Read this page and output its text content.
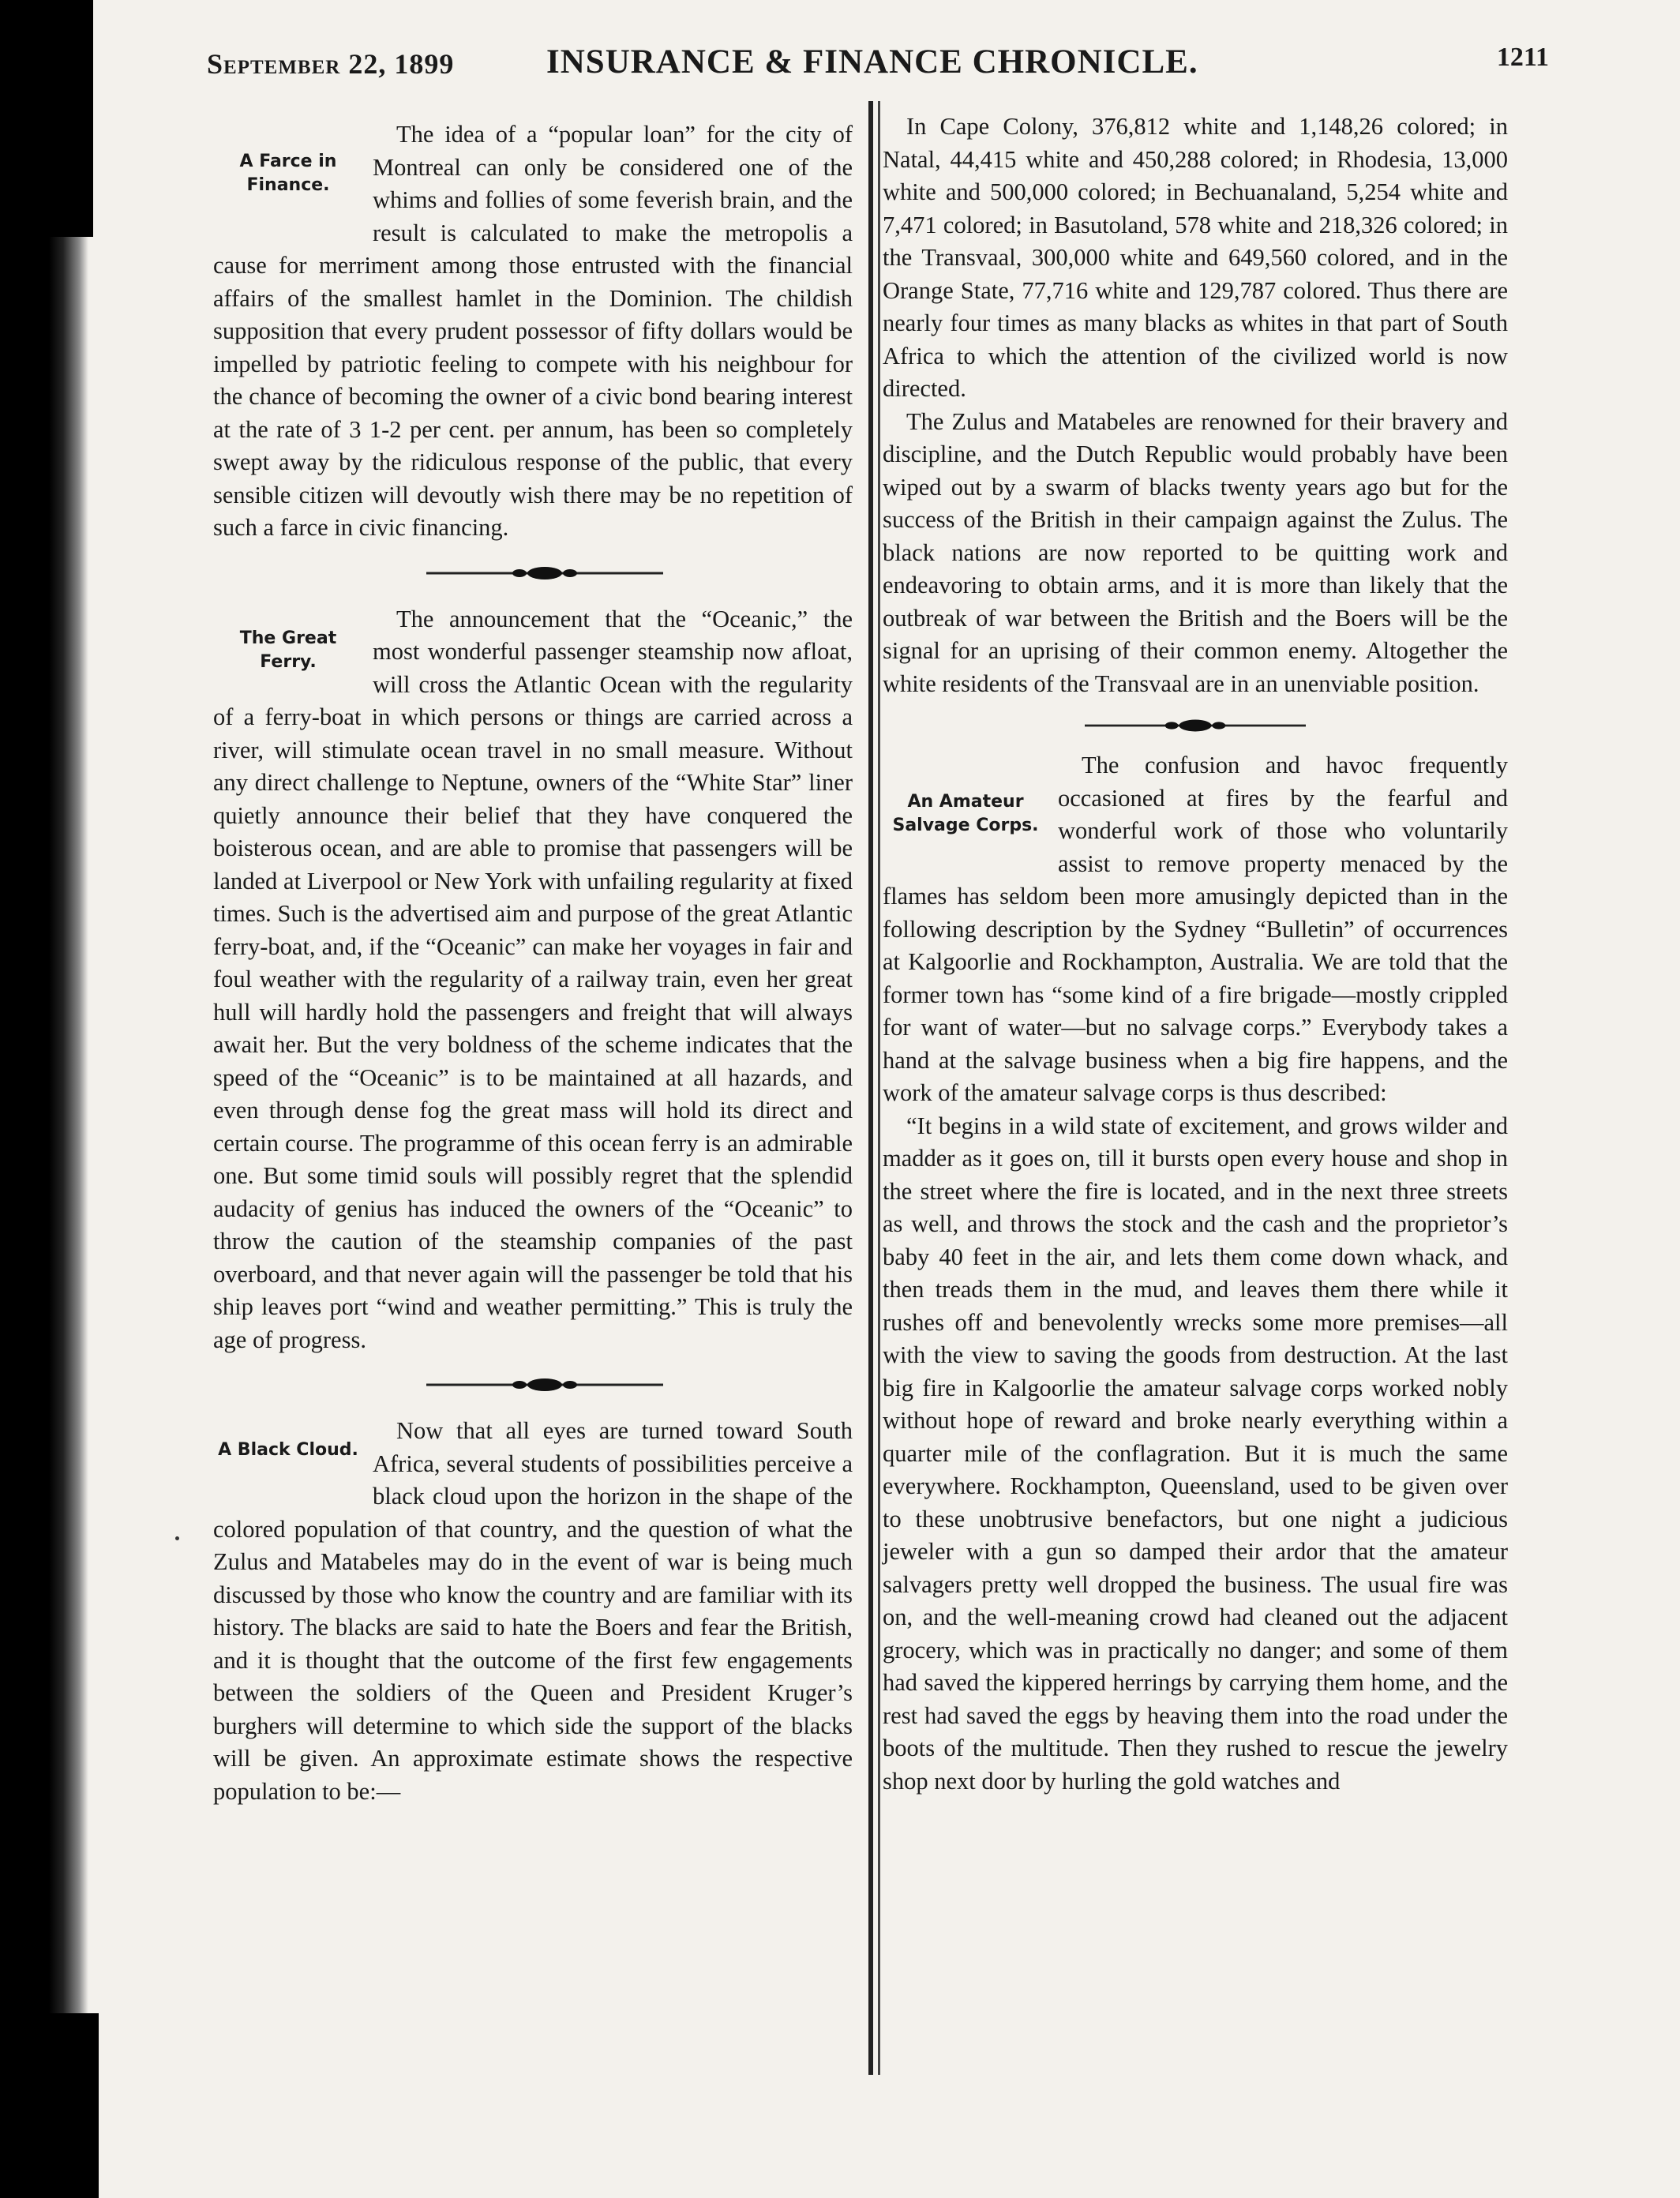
September 22, 1899	INSURANCE & FINANCE CHRONICLE.	1211
A Farce in Finance.

The idea of a “popular loan” for the city of Montreal can only be considered one of the whims and follies of some feverish brain, and the result is calculated to make the metropolis a cause for merriment among those entrusted with the financial affairs of the smallest hamlet in the Dominion. The childish supposition that every prudent possessor of fifty dollars would be impelled by patriotic feeling to compete with his neighbour for the chance of becoming the owner of a civic bond bearing interest at the rate of 3 1-2 per cent. per annum, has been so completely swept away by the ridiculous response of the public, that every sensible citizen will devoutly wish there may be no repetition of such a farce in civic financing.

The Great Ferry.

The announcement that the “Oceanic,” the most wonderful passenger steamship now afloat, will cross the Atlantic Ocean with the regularity of a ferry-boat in which persons or things are carried across a river, will stimulate ocean travel in no small measure. Without any direct challenge to Neptune, owners of the “White Star” liner quietly announce their belief that they have conquered the boisterous ocean, and are able to promise that passengers will be landed at Liverpool or New York with unfailing regularity at fixed times. Such is the advertised aim and purpose of the great Atlantic ferry-boat, and, if the “Oceanic” can make her voyages in fair and foul weather with the regularity of a railway train, even her great hull will hardly hold the passengers and freight that will always await her. But the very boldness of the scheme indicates that the speed of the “Oceanic” is to be maintained at all hazards, and even through dense fog the great mass will hold its direct and certain course. The programme of this ocean ferry is an admirable one. But some timid souls will possibly regret that the splendid audacity of genius has induced the owners of the “Oceanic” to throw the caution of the steamship companies of the past overboard, and that never again will the passenger be told that his ship leaves port “wind and weather permitting.” This is truly the age of progress.

A Black Cloud.

Now that all eyes are turned toward South Africa, several students of possibilities perceive a black cloud upon the horizon in the shape of the colored population of that country, and the question of what the Zulus and Matabeles may do in the event of war is being much discussed by those who know the country and are familiar with its history. The blacks are said to hate the Boers and fear the British, and it is thought that the outcome of the first few engagements between the soldiers of the Queen and President Kruger’s burghers will determine to which side the support of the blacks will be given. An approximate estimate shows the respective population to be:—

In Cape Colony, 376,812 white and 1,148,26 colored; in Natal, 44,415 white and 450,288 colored; in Rhodesia, 13,000 white and 500,000 colored; in Bechuanaland, 5,254 white and 7,471 colored; in Basutoland, 578 white and 218,326 colored; in the Transvaal, 300,000 white and 649,560 colored, and in the Orange State, 77,716 white and 129,787 colored. Thus there are nearly four times as many blacks as whites in that part of South Africa to which the attention of the civilized world is now directed.

The Zulus and Matabeles are renowned for their bravery and discipline, and the Dutch Republic would probably have been wiped out by a swarm of blacks twenty years ago but for the success of the British in their campaign against the Zulus. The black nations are now reported to be quitting work and endeavoring to obtain arms, and it is more than likely that the outbreak of war between the British and the Boers will be the signal for an uprising of their common enemy. Altogether the white residents of the Transvaal are in an unenviable position.

An Amateur Salvage Corps.

The confusion and havoc frequently occasioned at fires by the fearful and wonderful work of those who voluntarily assist to remove property menaced by the flames has seldom been more amusingly depicted than in the following description by the Sydney “Bulletin” of occurrences at Kalgoorlie and Rockhampton, Australia. We are told that the former town has “some kind of a fire brigade—mostly crippled for want of water—but no salvage corps.” Everybody takes a hand at the salvage business when a big fire happens, and the work of the amateur salvage corps is thus described:

“It begins in a wild state of excitement, and grows wilder and madder as it goes on, till it bursts open every house and shop in the street where the fire is located, and in the next three streets as well, and throws the stock and the cash and the proprietor’s baby 40 feet in the air, and lets them come down whack, and then treads them in the mud, and leaves them there while it rushes off and benevolently wrecks some more premises—all with the view to saving the goods from destruction. At the last big fire in Kalgoorlie the amateur salvage corps worked nobly without hope of reward and broke nearly everything within a quarter mile of the conflagration. But it is much the same everywhere. Rockhampton, Queensland, used to be given over to these unobtrusive benefactors, but one night a judicious jeweler with a gun so damped their ardor that the amateur salvagers pretty well dropped the business. The usual fire was on, and the well-meaning crowd had cleaned out the adjacent grocery, which was in practically no danger; and some of them had saved the kippered herrings by carrying them home, and the rest had saved the eggs by heaving them into the road under the boots of the multitude. Then they rushed to rescue the jewelry shop next door by hurling the gold watches and
